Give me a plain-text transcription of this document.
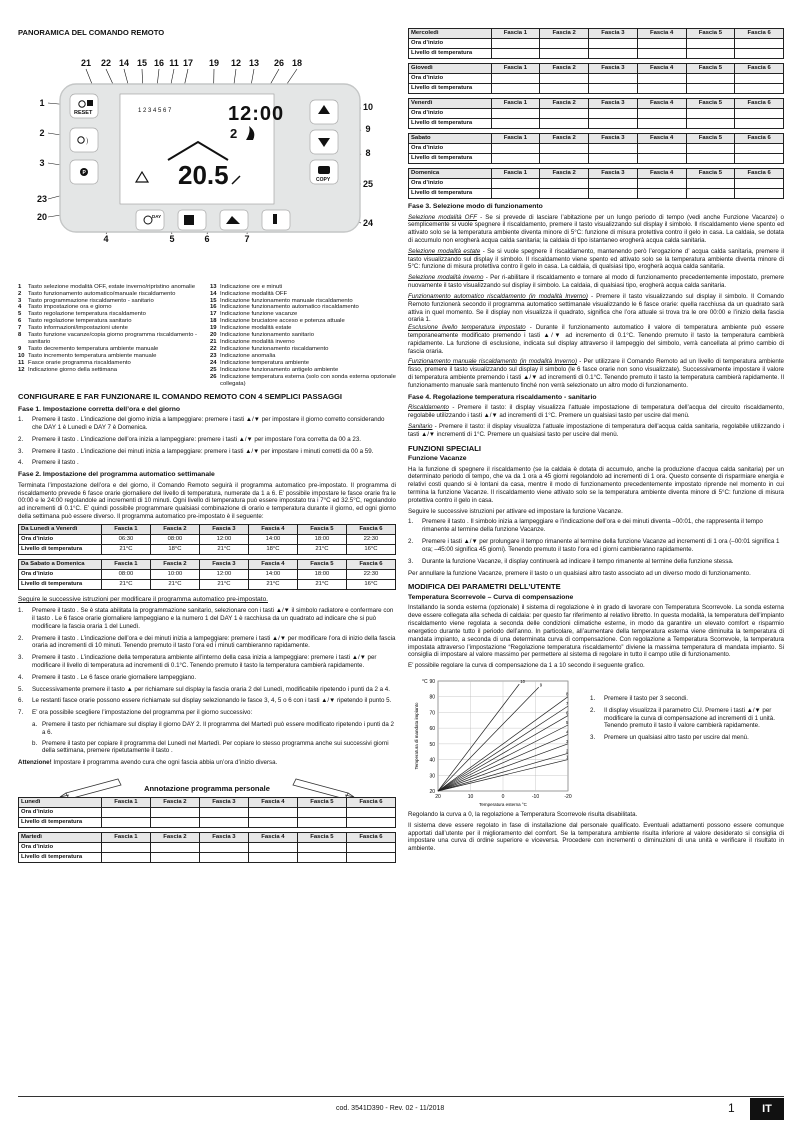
PANORAMICA DEL COMANDO REMOTO
21 22 14 15 16 11 17 19 12 13 26 18
1
2
3
23
20
10
9
8
25
24
4	5	6	7
RESET
P
COPY
DAY
1 2 3 4 5 6 7	12:00
2
20.5
1	Tasto selezione modalità OFF, estate inverno/ripristino anomalie
2	Tasto funzionamento automatico/manuale riscaldamento
3	Tasto programmazione riscaldamento - sanitario
4	Tasto impostazione ora e giorno
5	Tasto regolazione temperatura riscaldamento
6	Tasto regolazione temperatura sanitario
7	Tasto informazioni/impostazioni utente
8	Tasto funzione vacanze/copia giorno programma riscaldamento - sanitario
9	Tasto decremento temperatura ambiente manuale
10 Tasto incremento temperatura ambiente manuale
11 Fasce orarie programma riscaldamento
12 Indicazione giorno della settimana
13 Indicazione ore e minuti
14 Indicazione modalità OFF
15 Indicazione funzionamento manuale riscaldamento
16 Indicazione funzionamento automatico riscaldamento
17 Indicazione funzione vacanze
18 Indicazione bruciatore acceso e potenza attuale
19 Indicazione modalità estate
20 Indicazione funzionamento sanitario
21 Indicazione modalità inverno
22 Indicazione funzionamento riscaldamento
23 Indicazione anomalia
24 Indicazione temperatura ambiente
25 Indicazione funzionamento antigelo ambiente
26 Indicazione temperatura esterna (solo con sonda esterna opzionale collegata)
CONFIGURARE E FAR FUNZIONARE IL COMANDO REMOTO CON 4 SEMPLICI PASSAGGI
Fase 1. Impostazione corretta dell’ora e del giorno
1.	Premere il tasto . L’indicazione del giorno inizia a lampeggiare: premere i tasti ▲/▼ per impostare il giorno corretto considerando che DAY 1 è Lunedì e DAY 7 è Domenica.
2.	Premere il tasto . L’indicazione dell’ora inizia a lampeggiare: premere i tasti ▲/▼ per impostare l’ora corretta da 00 a 23.
3.	Premere il tasto . L’indicazione dei minuti inizia a lampeggiare: premere i tasti ▲/▼ per impostare i minuti corretti da 00 a 59.
4.	Premere il tasto .
Fase 2. Impostazione del programma automatico settimanale

Terminata l’impostazione dell’ora e del giorno, il Comando Remoto seguirà il programma automatico pre-impostato. Il programma di riscaldamento prevede 6 fasce orarie giornaliere del livello di temperatura, numerate da 1 a 6. E’ possibile impostare le fasce orarie fra le 00:00 e le 24:00 regolandole ad incrementi di 10 minuti. Ogni livello di temperatura può essere impostato tra i 7°C ed 32.5°C, regolandolo ad incrementi di 0.1°C. E’ quindi possibile programmare qualsiasi combinazione di orario e temperatura durante il giorno, ed ogni giorno della settimana può essere diverso. Il programma automatico pre-impostato è il seguente:

Da Lunedì a Venerdì	Fascia 1	Fascia 2	Fascia 3	Fascia 4	Fascia 5	Fascia 6
Ora d’inizio	06:30	08:00	12:00	14:00	18:00	22:30
Livello di temperatura	21°C	18°C	21°C	18°C	21°C	16°C
Da Sabato a Domenica	Fascia 1	Fascia 2	Fascia 3	Fascia 4	Fascia 5	Fascia 6
Ora d’inizio	08:00	10:00	12:00	14:00	18:00	22:30
Livello di temperatura	21°C	21°C	21°C	21°C	21°C	16°C

Seguire le successive istruzioni per modificare il programma automatico pre-impostato.

1.	Premere il tasto . Se è stata abilitata la programmazione sanitario, selezionare con i tasti ▲/▼ il simbolo radiatore e confermare con il tasto . Le 6 fasce orarie giornaliere lampeggiano e la numero 1 del DAY 1 è racchiusa da un quadrato ad indicare che si può modificare la fascia oraria 1 del Lunedì.
2.	Premere il tasto . L’indicazione dell’ora e dei minuti inizia a lampeggiare: premere i tasti ▲/▼ per modificare l’ora di inizio della fascia oraria ad incrementi di 10 minuti. Tenendo premuto il tasto l’ora ed i minuti cambieranno rapidamente.
3.	Premere il tasto . L’indicazione della temperatura ambiente all’interno della casa inizia a lampeggiare: premere i tasti ▲/▼ per modificare il livello di temperatura ad incrementi di 0.1°C. Tenendo premuto il tasto la temperatura cambierà rapidamente.
4.	Premere il tasto . Le 6 fasce orarie giornaliere lampeggiano.
5.	Successivamente premere il tasto ▲ per richiamare sul display la fascia oraria 2 del Lunedì, modificabile ripetendo i punti da 2 a 4.
6.	Le restanti fasce orarie possono essere richiamate sul display selezionando le fasce 3, 4, 5 o 6 con i tasti ▲/▼ ripetendo il punto 5.
7.	E’ ora possibile scegliere l’impostazione del programma per il giorno successivo:
a. Premere il tasto per richiamare sul display il giorno DAY 2. Il programma del Martedì può essere modificato ripetendo i punti da 2 a 6.
b. Premere il tasto per copiare il programma del Lunedì nel Martedì. Per copiare lo stesso programma anche sui successivi giorni della settimana, premere ripetutamente il tasto .

Attenzione! Impostare il programma avendo cura che ogni fascia abbia un’ora d’inizio diversa.

Annotazione programma personale
Lunedì	Fascia 1	Fascia 2	Fascia 3	Fascia 4	Fascia 5	Fascia 6
Ora d’inizio						
Livello di temperatura						
Martedì	Fascia 1	Fascia 2	Fascia 3	Fascia 4	Fascia 5	Fascia 6
Ora d’inizio						
Livello di temperatura						
Mercoledì	Fascia 1	Fascia 2	Fascia 3	Fascia 4	Fascia 5	Fascia 6
Ora d’inizio						
Livello di temperatura						
Giovedì	Fascia 1	Fascia 2	Fascia 3	Fascia 4	Fascia 5	Fascia 6
Ora d’inizio						
Livello di temperatura						
Venerdì	Fascia 1	Fascia 2	Fascia 3	Fascia 4	Fascia 5	Fascia 6
Ora d’inizio						
Livello di temperatura						
Sabato	Fascia 1	Fascia 2	Fascia 3	Fascia 4	Fascia 5	Fascia 6
Ora d’inizio						
Livello di temperatura						
Domenica	Fascia 1	Fascia 2	Fascia 3	Fascia 4	Fascia 5	Fascia 6
Ora d’inizio						
Livello di temperatura						
Fase 3. Selezione modo di funzionamento

Selezione modalità OFF - Se si prevede di lasciare l’abitazione per un lungo periodo di tempo (vedi anche Funzione Vacanze) o semplicemente si vuole spegnere il riscaldamento, premere il tasto visualizzando sul display il simbolo. Il riscaldamento viene spento ed attivato solo se la temperatura ambiente diventa minore di 5°C: funzione di misura protettiva contro il gelo in casa. La caldaia, se dotata di accumulo non erogherà acqua calda sanitaria; la caldaia di tipo istantaneo erogherà acqua calda sanitaria.

Selezione modalità estate - Se si vuole spegnere il riscaldamento, mantenendo però l’erogazione d’ acqua calda sanitaria, premere il tasto visualizzando sul display il simbolo. Il riscaldamento viene spento ed attivato solo se la temperatura ambiente diventa minore di 5°C: funzione di misura protettiva contro il gelo in casa. La caldaia, di qualsiasi tipo, erogherà acqua calda sanitaria.

Selezione modalità inverno - Per ri-abilitare il riscaldamento e tornare al modo di funzionamento precedentemente impostato, premere nuovamente il tasto visualizzando sul display il simbolo. La caldaia, di qualsiasi tipo, erogherà acqua calda sanitaria.

Funzionamento automatico riscaldamento (in modalità Inverno) - Premere il tasto visualizzando sul display il simbolo. Il Comando Remoto funzionerà secondo il programma automatico settimanale visualizzando le 6 fasce orarie: quella racchiusa da un quadrato sarà attiva in quel momento. Se il display non visualizza il quadrato, significa che l’ora attuale si trova tra le ore 00:00 e l’inizio della fascia oraria 1.
Esclusione livello temperatura impostato - Durante il funzionamento automatico il valore di temperatura ambiente può essere temporaneamente modificato premendo i tasti ▲/▼ ad incremento di 0.1°C. Tenendo premuto il tasto la temperatura cambierà rapidamente. La funzione di esclusione, indicata sul display attraverso il lampeggio del simbolo, verrà cancellata al primo cambio di fascia oraria.

Funzionamento manuale riscaldamento (in modalità Inverno) - Per utilizzare il Comando Remoto ad un livello di temperatura ambiente fisso, premere il tasto visualizzando sul display il simbolo (le 6 fasce orarie non sono visualizzate). Successivamente impostare il valore di temperatura ambiente premendo i tasti ▲/▼ ad incrementi di 0.1°C. Tenendo premuto il tasto la temperatura cambierà rapidamente. Il funzionamento manuale sarà mantenuto finché non verrà selezionato un altro modo di funzionamento.

Fase 4. Regolazione temperatura riscaldamento - sanitario

Riscaldamento - Premere il tasto: il display visualizza l’attuale impostazione di temperatura dell’acqua del circuito riscaldamento, regolabile utilizzando i tasti ▲/▼ ad incrementi di 1°C. Premere un qualsiasi tasto per uscire dal menù.

Sanitario - Premere il tasto: il display visualizza l’attuale impostazione di temperatura dell’acqua calda sanitaria, regolabile utilizzando i tasti ▲/▼ incrementi di 1°C. Premere un qualsiasi tasto per uscire dal menù.

FUNZIONI SPECIALI
Funzione Vacanze

Ha la funzione di spegnere il riscaldamento (se la caldaia è dotata di accumulo, anche la produzione d’acqua calda sanitaria) per un determinato periodo di tempo, che va da 1 ora a 45 giorni regolandolo ad incrementi di 1 ora. Questo consente di risparmiare energia e relativi costi quando si è lontani da casa, mentre il modo di funzionamento precedentemente impostato riprende nel momento in cui termina la funzione Vacanze. Il riscaldamento viene attivato solo se la temperatura ambiente diventa minore di 5°C: funzione di misura protettiva contro il gelo in casa.

Seguire le successive istruzioni per attivare ed impostare la funzione Vacanze.

1.	Premere il tasto . Il simbolo inizia a lampeggiare e l’indicazione dell’ora e dei minuti diventa –00:01, che rappresenta il tempo rimanente al termine della funzione Vacanze.
2.	Premere i tasti ▲/▼ per prolungare il tempo rimanente al termine della funzione Vacanze ad incrementi di 1 ora (–00:01 significa 1 ora; –45:00 significa 45 giorni). Tenendo premuto il tasto l’ora ed i giorni cambieranno rapidamente.
3.	Durante la funzione Vacanze, il display continuerà ad indicare il tempo rimanente al termine della funzione stessa.

Per annullare la funzione Vacanze, premere il tasto o un qualsiasi altro tasto associato ad un diverso modo di funzionamento.

MODIFICA DEI PARAMETRI DELL’UTENTE
Temperatura Scorrevole – Curva di compensazione

Installando la sonda esterna (opzionale) il sistema di regolazione è in grado di lavorare con Temperatura Scorrevole. La sonda esterna deve essere collegata alla scheda di caldaia: per questo far riferimento al relativo libretto. In questa modalità, la temperatura dell’impianto riscaldamento viene regolata a seconda delle condizioni climatiche esterne, in modo da garantire un elevato comfort e risparmio energetico durante tutto il periodo dell’anno. In particolare, all’aumentare della temperatura esterna viene diminuita la temperatura di mandata impianto, a seconda di una determinata curva di compensazione. Con regolazione a Temperatura Scorrevole, la temperatura impostata attraverso l’impostazione “Regolazione temperatura riscaldamento” diviene la massima temperatura di mandata impianto. Si consiglia di impostare al valore massimo per permettere al sistema di regolare in tutto il campo utile di funzionamento.

E’ possibile regolare la curva di compensazione da 1 a 10 secondo il seguente grafico.

20
30
40
50
60
70
80
90
20	10	0	-10	-20
1
2
3
4
5
6
7
8
9
10
Temperatura esterna °C
Temperatura di mandata impianto
°C
1.	Premere il tasto per 3 secondi.
2.	Il display visualizza il parametro CU. Premere i tasti ▲/▼ per modificare la curva di compensazione ad incrementi di 1 unità. Tenendo premuto il tasto il valore cambierà rapidamente.
3.	Premere un qualsiasi altro tasto per uscire dal menù.

Regolando la curva a 0, la regolazione a Temperatura Scorrevole risulta disabilitata.

Il sistema deve essere regolato in fase di installazione dal personale qualificato. Eventuali adattamenti possono essere comunque apportati dall’utente per il miglioramento del comfort. Se la temperatura ambiente risulta inferiore al valore desiderato si consiglia di impostare una curva di ordine superiore e viceversa. Procedere con incrementi o diminuzioni di una unità e verificare il risultato in ambiente.

cod. 3541D390 - Rev. 02 - 11/2018	1	IT
